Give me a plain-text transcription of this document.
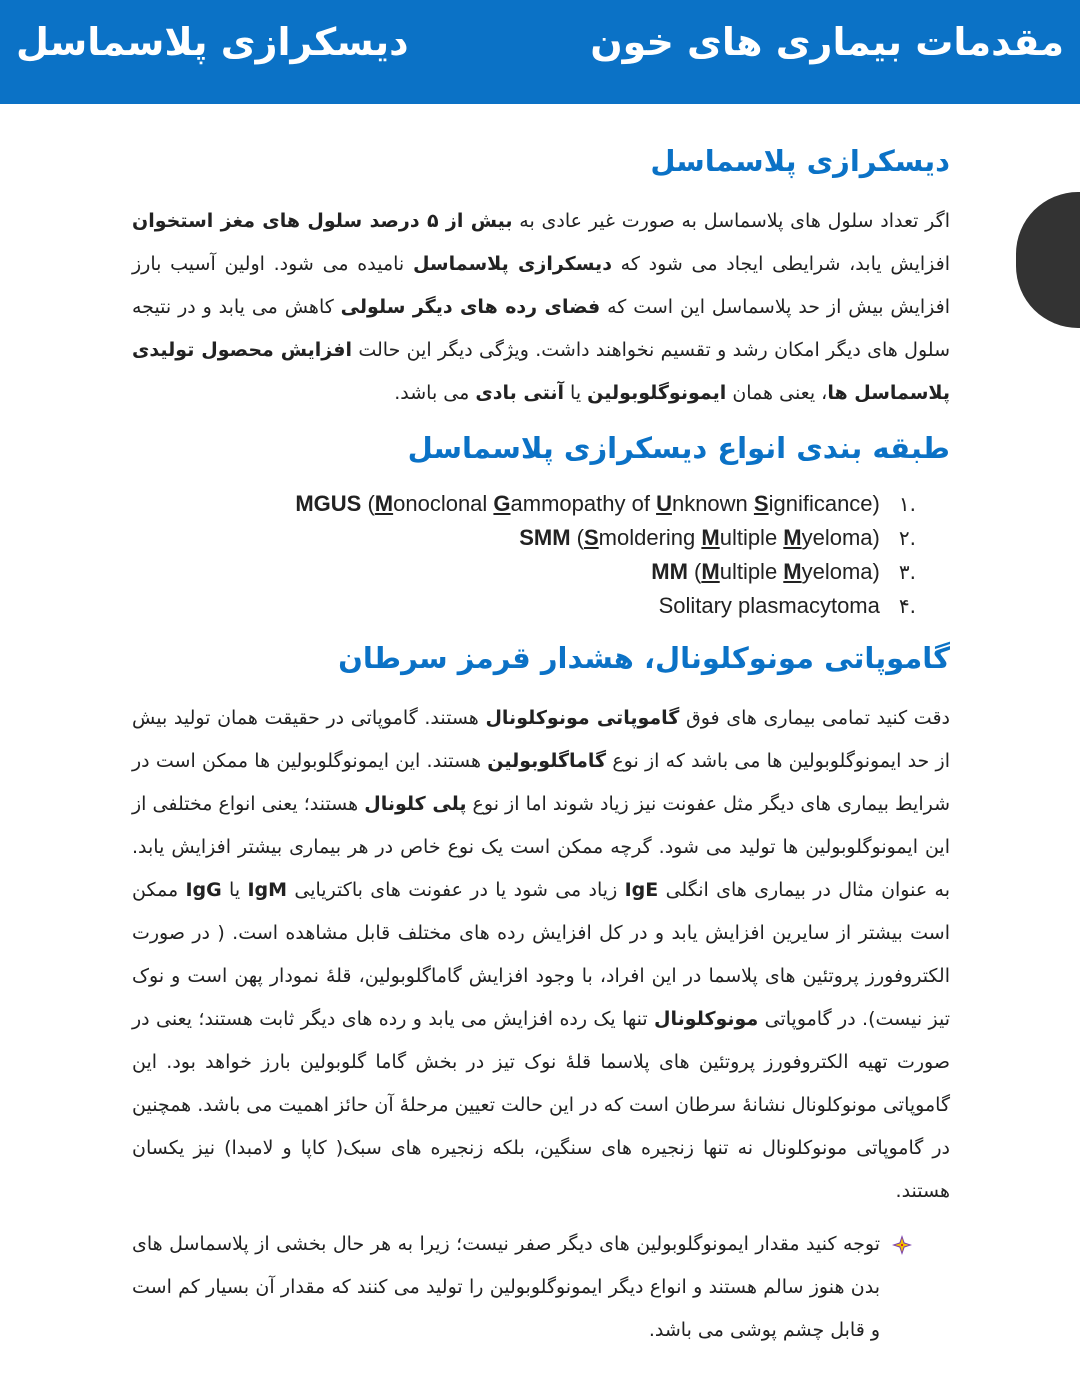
مقدمات بیماری های خون
دیسکرازی پلاسماسل
دیسکرازی پلاسماسل

اگر تعداد سلول های پلاسماسل به صورت غیر عادی به بیش از ۵ درصد سلول های مغز استخوان افزایش یابد، شرایطی ایجاد می شود که دیسکرازی پلاسماسل نامیده می شود. اولین آسیب بارز افزایش بیش از حد پلاسماسل این است که فضای رده های دیگر سلولی کاهش می یابد و در نتیجه سلول های دیگر امکان رشد و تقسیم نخواهند داشت. ویژگی دیگر این حالت افزایش محصول تولیدی پلاسماسل ها، یعنی همان ایمونوگلوبولین یا آنتی بادی می باشد.

طبقه بندی انواع دیسکرازی پلاسماسل
.۱ MGUS (Monoclonal Gammopathy of Unknown Significance)
.۲ SMM (Smoldering Multiple Myeloma)
.۳ MM (Multiple Myeloma)
.۴ Solitary plasmacytoma
گاموپاتی مونوکلونال، هشدار قرمز سرطان

دقت کنید تمامی بیماری های فوق گاموپاتی مونوکلونال هستند. گاموپاتی در حقیقت همان تولید بیش از حد ایمونوگلوبولین ها می باشد که از نوع گاماگلوبولین هستند. این ایمونوگلوبولین ها ممکن است در شرایط بیماری های دیگر مثل عفونت نیز زیاد شوند اما از نوع پلی کلونال هستند؛ یعنی انواع مختلفی از این ایمونوگلوبولین ها تولید می شود. گرچه ممکن است یک نوع خاص در هر بیماری بیشتر افزایش یابد. به عنوان مثال در بیماری های انگلی IgE زیاد می شود یا در عفونت های باکتریایی IgM یا IgG ممکن است بیشتر از سایرین افزایش یابد و در کل افزایش رده های مختلف قابل مشاهده است. ( در صورت الکتروفورز پروتئین های پلاسما در این افراد، با وجود افزایش گاماگلوبولین، قلهٔ نمودار پهن است و نوک تیز نیست). در گاموپاتی مونوکلونال تنها یک رده افزایش می یابد و رده های دیگر ثابت هستند؛ یعنی در صورت تهیه الکتروفورز پروتئین های پلاسما قلهٔ نوک تیز در بخش گاما گلوبولین بارز خواهد بود. این گاموپاتی مونوکلونال نشانهٔ سرطان است که در این حالت تعیین مرحلهٔ آن حائز اهمیت می باشد. همچنین در گاموپاتی مونوکلونال نه تنها زنجیره های سنگین، بلکه زنجیره های سبک( کاپا و لامبدا) نیز یکسان هستند.

توجه کنید مقدار ایمونوگلوبولین های دیگر صفر نیست؛ زیرا به هر حال بخشی از پلاسماسل های بدن هنوز سالم هستند و انواع دیگر ایمونوگلوبولین را تولید می کنند که مقدار آن بسیار کم است و قابل چشم پوشی می باشد.
